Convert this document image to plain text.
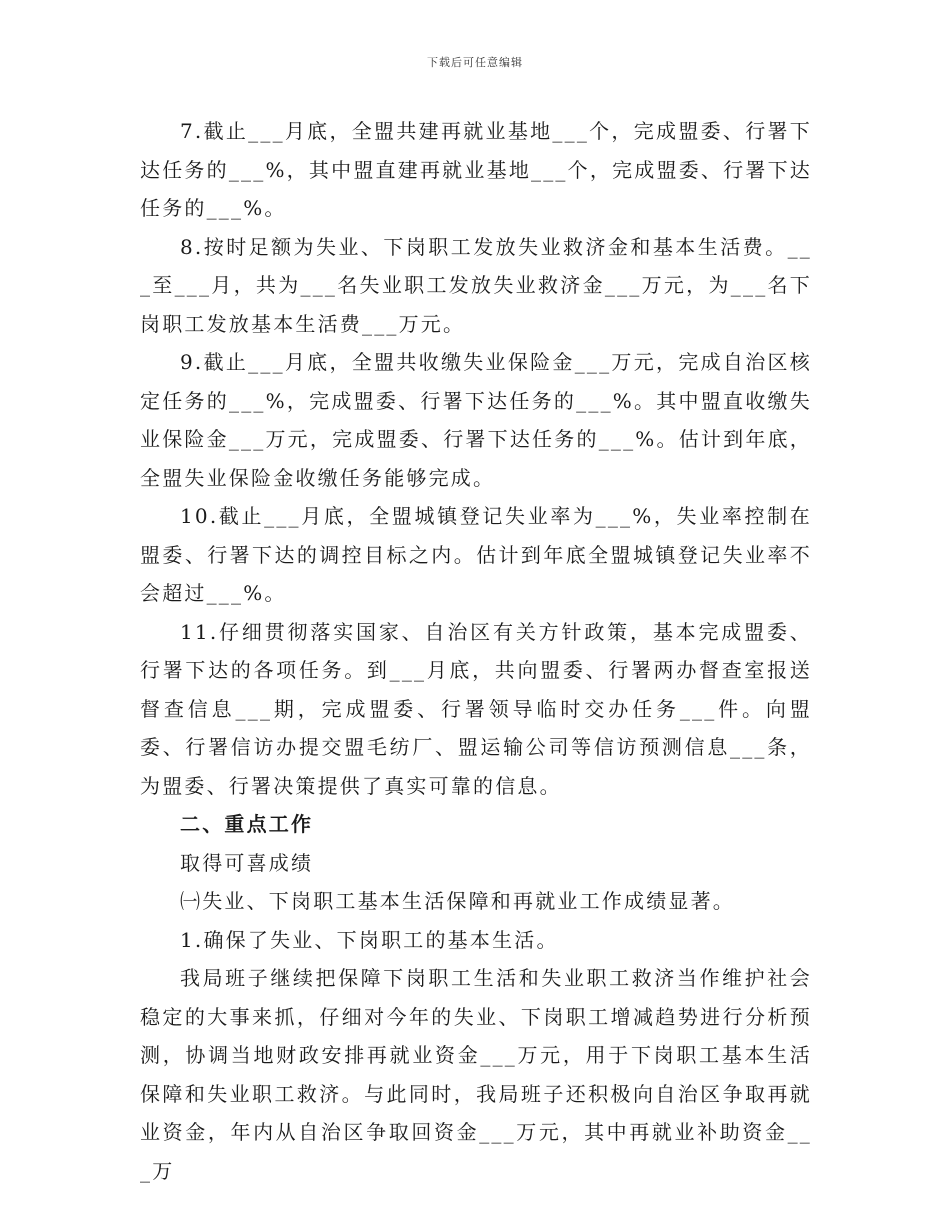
下载后可任意编辑

7.截止___月底，全盟共建再就业基地___个，完成盟委、行署下达任务的___%，其中盟直建再就业基地___个，完成盟委、行署下达任务的___%。

8.按时足额为失业、下岗职工发放失业救济金和基本生活费。___至___月，共为___名失业职工发放失业救济金___万元，为___名下岗职工发放基本生活费___万元。

9.截止___月底，全盟共收缴失业保险金___万元，完成自治区核定任务的___%，完成盟委、行署下达任务的___%。其中盟直收缴失业保险金___万元，完成盟委、行署下达任务的___%。估计到年底，全盟失业保险金收缴任务能够完成。

10.截止___月底，全盟城镇登记失业率为___%，失业率控制在盟委、行署下达的调控目标之内。估计到年底全盟城镇登记失业率不会超过___%。

11.仔细贯彻落实国家、自治区有关方针政策，基本完成盟委、行署下达的各项任务。到___月底，共向盟委、行署两办督查室报送督查信息___期，完成盟委、行署领导临时交办任务___件。向盟委、行署信访办提交盟毛纺厂、盟运输公司等信访预测信息___条，为盟委、行署决策提供了真实可靠的信息。

二、重点工作

取得可喜成绩

㈠失业、下岗职工基本生活保障和再就业工作成绩显著。

1.确保了失业、下岗职工的基本生活。

我局班子继续把保障下岗职工生活和失业职工救济当作维护社会稳定的大事来抓，仔细对今年的失业、下岗职工增减趋势进行分析预测，协调当地财政安排再就业资金___万元，用于下岗职工基本生活保障和失业职工救济。与此同时，我局班子还积极向自治区争取再就业资金，年内从自治区争取回资金___万元，其中再就业补助资金___万
